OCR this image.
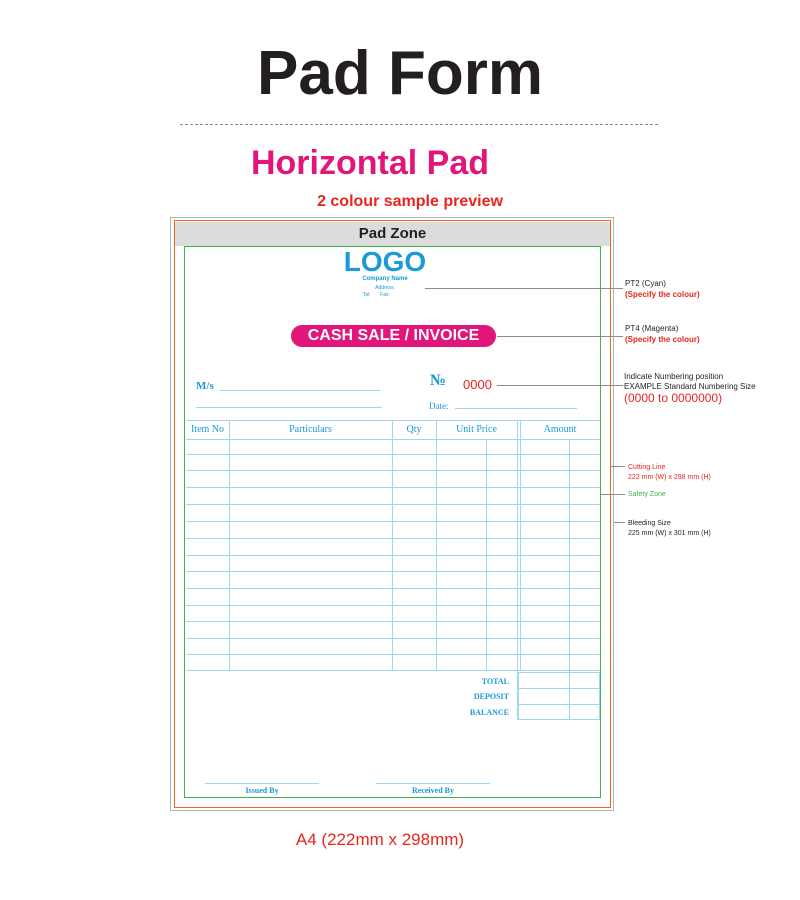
Pad Form
Horizontal Pad
2 colour sample preview
Pad Zone
LOGO
Company Name
Address:
Tel: Fax:
CASH SALE / INVOICE
M/s	№ 0000
Date:
Item No	Particulars	Qty	Unit Price	Amount
TOTAL
DEPOSIT
BALANCE
Issued By	Received By
PT2 (Cyan)
(Specify the colour)
PT4 (Magenta)
(Specify the colour)
Indicate Numbering position
EXAMPLE Standard Numbering Size
(0000 to 0000000)
Cutting Line
222 mm (W) x 298 mm (H)
Safety Zone
Bleeding Size
225 mm (W) x 301 mm (H)
A4 (222mm x 298mm)
